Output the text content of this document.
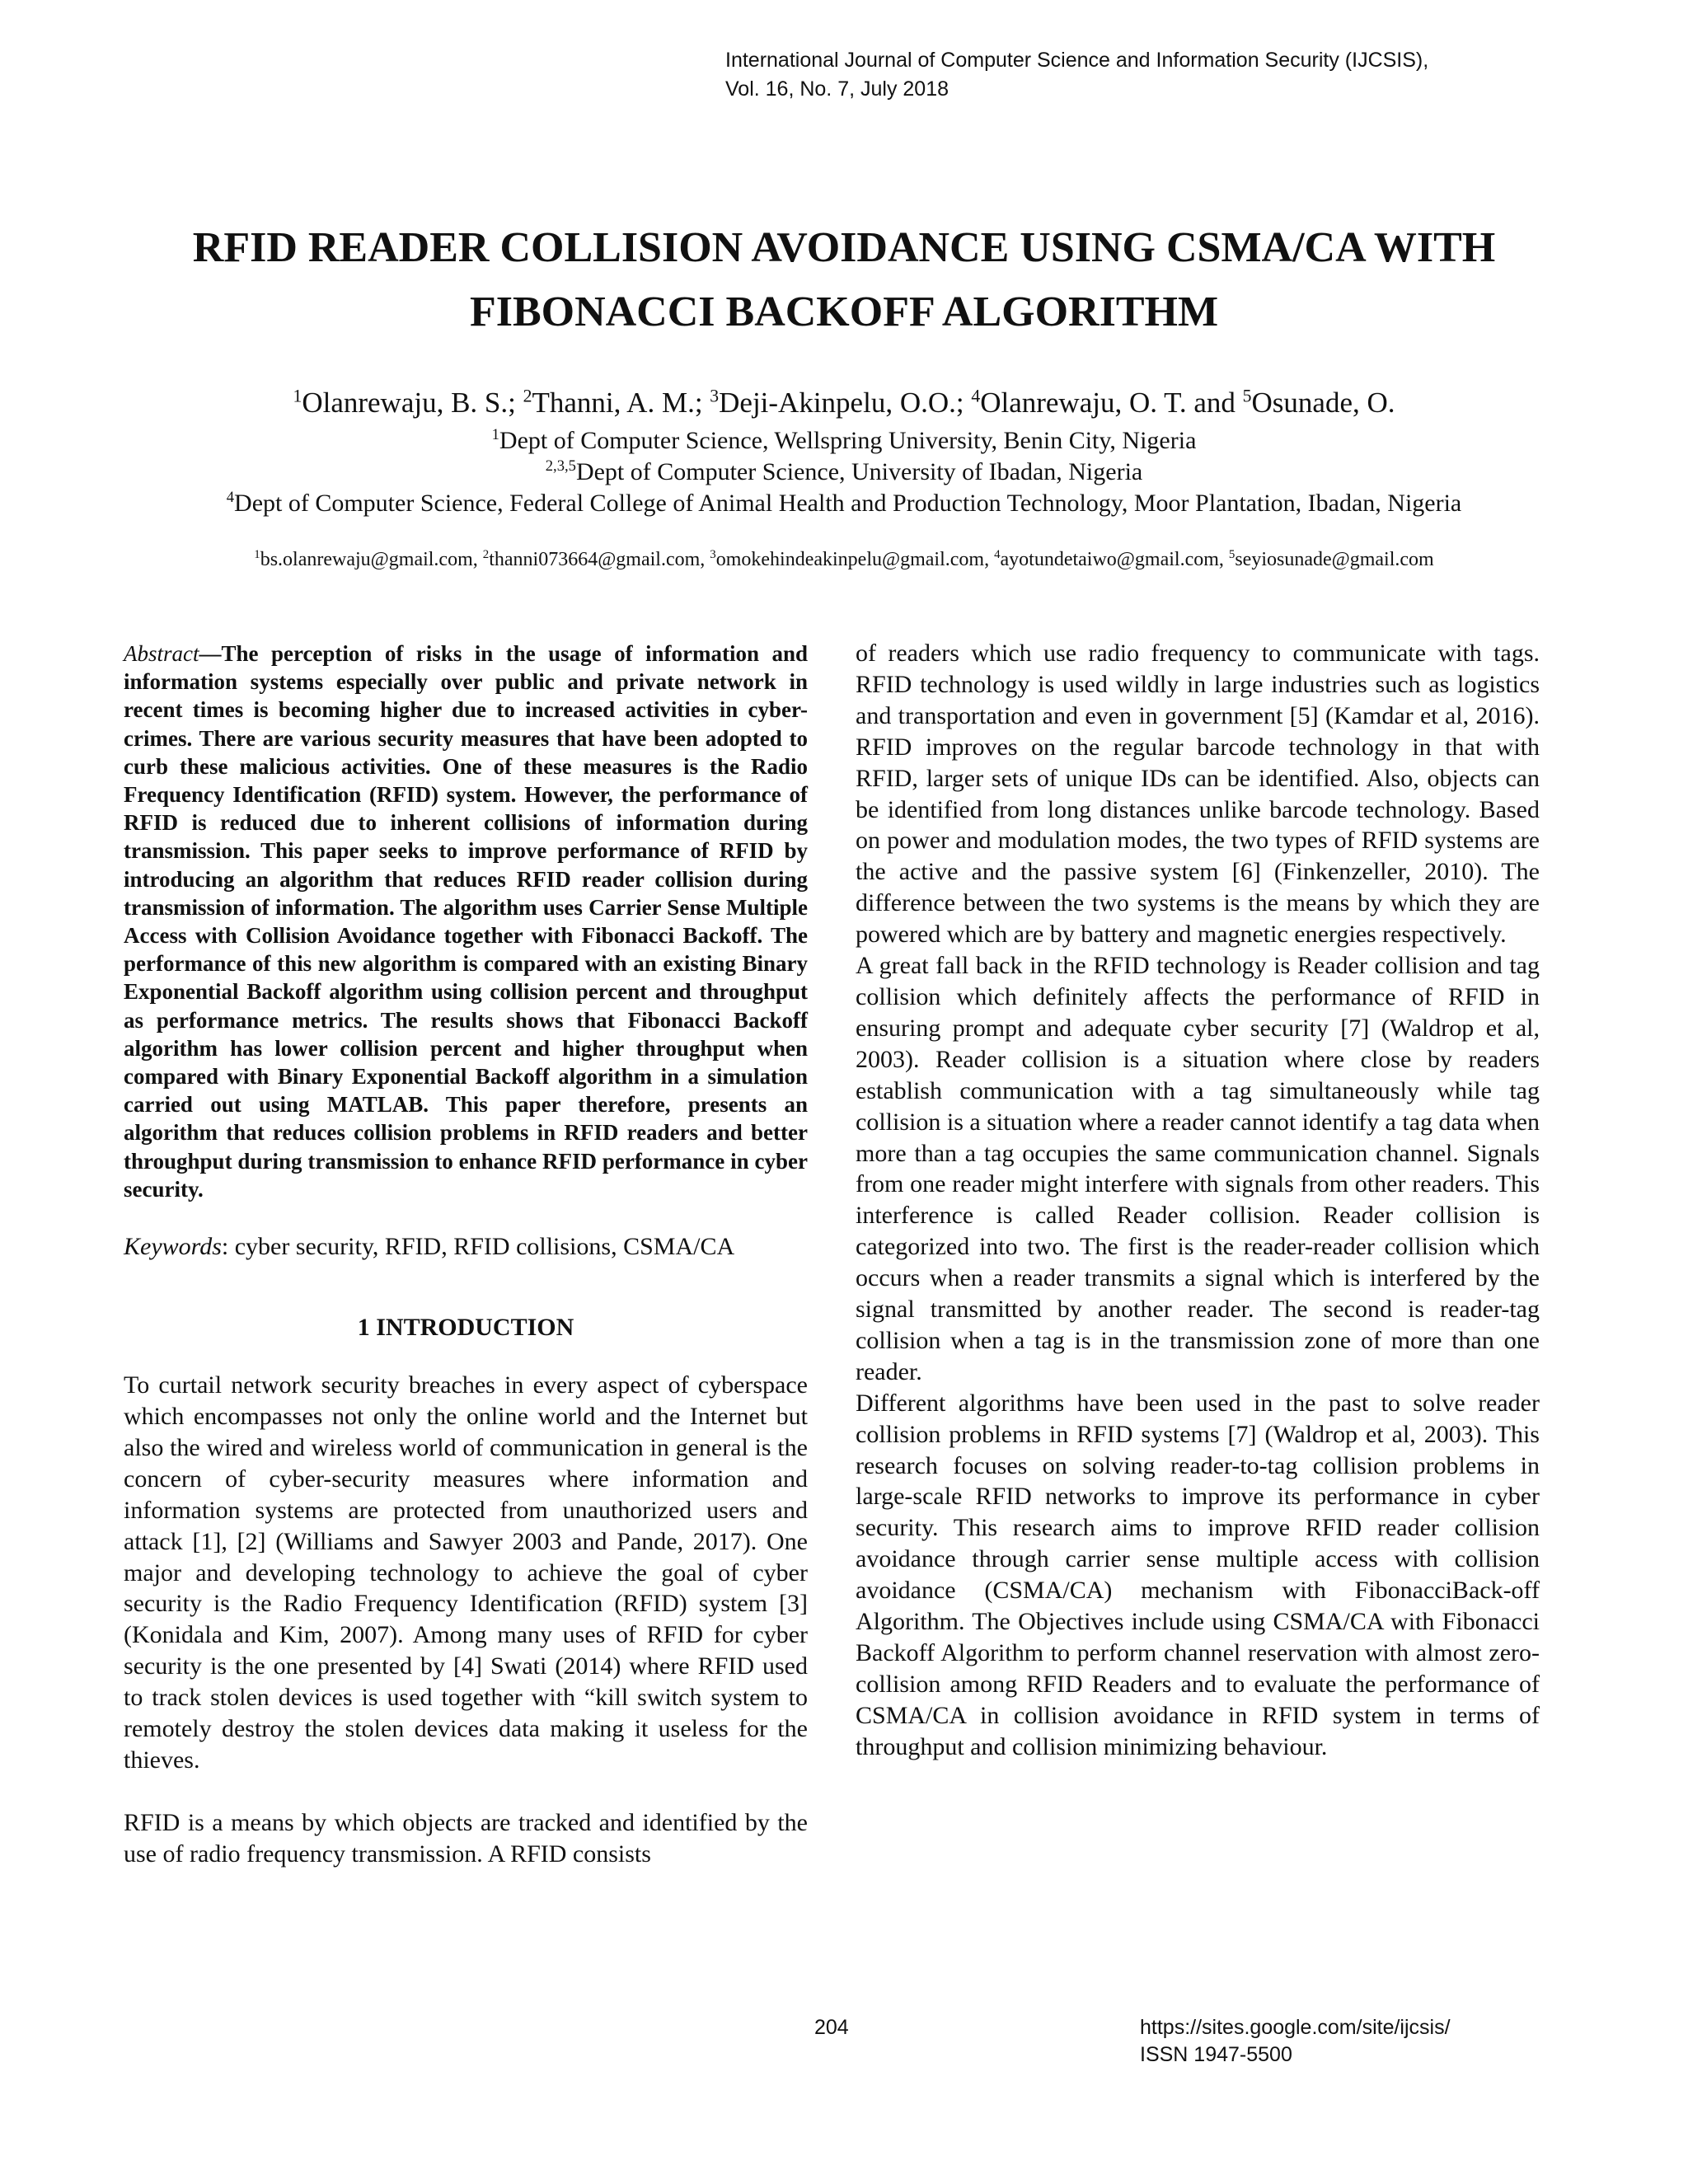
International Journal of Computer Science and Information Security (IJCSIS),
Vol. 16, No. 7, July 2018
RFID READER COLLISION AVOIDANCE USING CSMA/CA WITH
FIBONACCI BACKOFF ALGORITHM
$^1$Olanrewaju, B. S.; $^2$Thanni, A. M.; $^3$Deji-Akinpelu, O.O.; $^4$Olanrewaju, O. T. and $^5$Osunade, O.
$^1$Dept of Computer Science, Wellspring University, Benin City, Nigeria
$^{2,3,5}$Dept of Computer Science, University of Ibadan, Nigeria
$^4$Dept of Computer Science, Federal College of Animal Health and Production Technology, Moor Plantation, Ibadan, Nigeria
$^1$bs.olanrewaju@gmail.com, $^2$thanni073664@gmail.com, $^3$omokehindeakinpelu@gmail.com, $^4$ayotundetaiwo@gmail.com, $^5$seyiosunade@gmail.com

Abstract—The perception of risks in the usage of information and information systems especially over public and private network in recent times is becoming higher due to increased activities in cyber-crimes. There are various security measures that have been adopted to curb these malicious activities. One of these measures is the Radio Frequency Identification (RFID) system. However, the performance of RFID is reduced due to inherent collisions of information during transmission. This paper seeks to improve performance of RFID by introducing an algorithm that reduces RFID reader collision during transmission of information. The algorithm uses Carrier Sense Multiple Access with Collision Avoidance together with Fibonacci Backoff. The performance of this new algorithm is compared with an existing Binary Exponential Backoff algorithm using collision percent and throughput as performance metrics. The results shows that Fibonacci Backoff algorithm has lower collision percent and higher throughput when compared with Binary Exponential Backoff algorithm in a simulation carried out using MATLAB. This paper therefore, presents an algorithm that reduces collision problems in RFID readers and better throughput during transmission to enhance RFID performance in cyber security.

Keywords: cyber security, RFID, RFID collisions, CSMA/CA

1 INTRODUCTION

To curtail network security breaches in every aspect of cyberspace which encompasses not only the online world and the Internet but also the wired and wireless world of communication in general is the concern of cyber-security measures where information and information systems are protected from unauthorized users and attack [1], [2] (Williams and Sawyer 2003 and Pande, 2017). One major and developing technology to achieve the goal of cyber security is the Radio Frequency Identification (RFID) system [3] (Konidala and Kim, 2007). Among many uses of RFID for cyber security is the one presented by [4] Swati (2014) where RFID used to track stolen devices is used together with “kill switch system to remotely destroy the stolen devices data making it useless for the thieves.

RFID is a means by which objects are tracked and identified by the use of radio frequency transmission. A RFID consists

of readers which use radio frequency to communicate with tags. RFID technology is used wildly in large industries such as logistics and transportation and even in government [5] (Kamdar et al, 2016). RFID improves on the regular barcode technology in that with RFID, larger sets of unique IDs can be identified. Also, objects can be identified from long distances unlike barcode technology. Based on power and modulation modes, the two types of RFID systems are the active and the passive system [6] (Finkenzeller, 2010). The difference between the two systems is the means by which they are powered which are by battery and magnetic energies respectively.

A great fall back in the RFID technology is Reader collision and tag collision which definitely affects the performance of RFID in ensuring prompt and adequate cyber security [7] (Waldrop et al, 2003). Reader collision is a situation where close by readers establish communication with a tag simultaneously while tag collision is a situation where a reader cannot identify a tag data when more than a tag occupies the same communication channel. Signals from one reader might interfere with signals from other readers. This interference is called Reader collision. Reader collision is categorized into two. The first is the reader-reader collision which occurs when a reader transmits a signal which is interfered by the signal transmitted by another reader. The second is reader-tag collision when a tag is in the transmission zone of more than one reader.

Different algorithms have been used in the past to solve reader collision problems in RFID systems [7] (Waldrop et al, 2003). This research focuses on solving reader-to-tag collision problems in large-scale RFID networks to improve its performance in cyber security. This research aims to improve RFID reader collision avoidance through carrier sense multiple access with collision avoidance (CSMA/CA) mechanism with FibonacciBack-off Algorithm. The Objectives include using CSMA/CA with Fibonacci Backoff Algorithm to perform channel reservation with almost zero-collision among RFID Readers and to evaluate the performance of CSMA/CA in collision avoidance in RFID system in terms of throughput and collision minimizing behaviour.

204	https://sites.google.com/site/ijcsis/
ISSN 1947-5500
